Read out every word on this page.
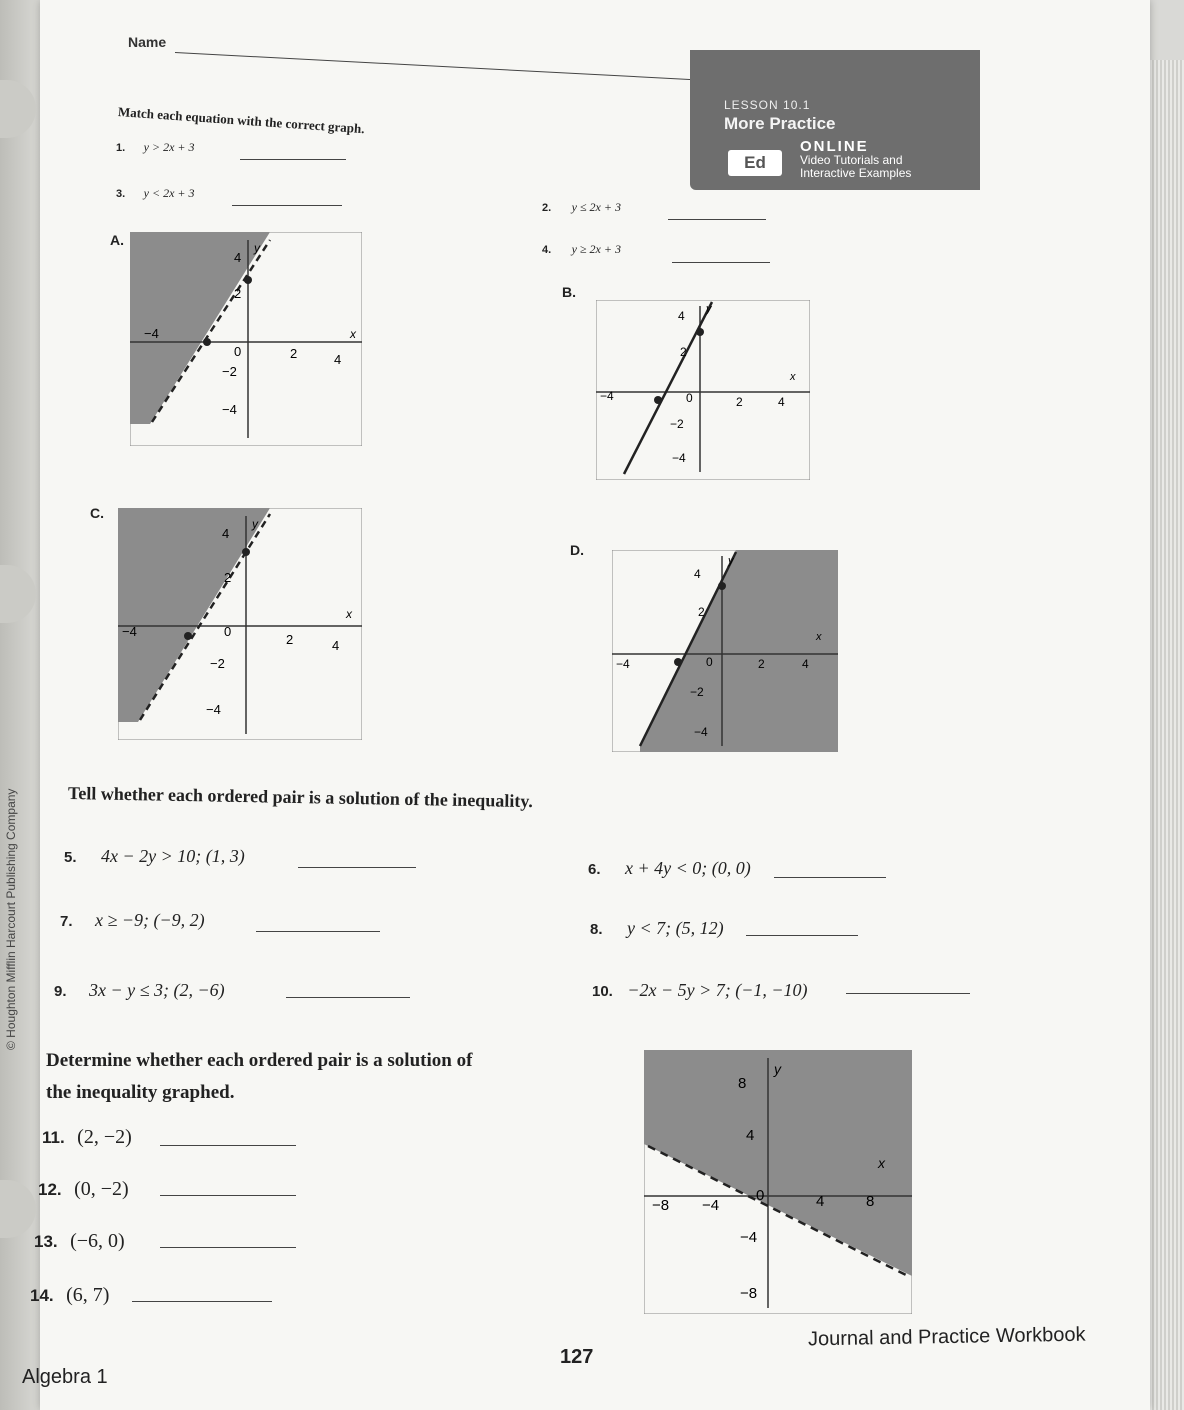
© Houghton Mifflin Harcourt Publishing Company
Name
LESSON 10.1
More Practice
Ed
ONLINE
Video Tutorials and
Interactive Examples
Match each equation with the correct graph.
1. y > 2x + 3
3. y < 2x + 3
2. y ≤ 2x + 3
4. y ≥ 2x + 3
A.
B.
C.
D.
4
2
−2
−4
−4
0	2	4
x
y
4
2
−2
−4
−4	0	2	4
x
y
4
2
−2
−4
−4	0
2	4
x
y
4
2
−2
−4
−4	0	2	4
x
y
Tell whether each ordered pair is a solution of the inequality.
5. 4x − 2y > 10; (1, 3)
6. x + 4y < 0; (0, 0)
7. x ≥ −9; (−9, 2)	8. y < 7; (5, 12)
9. 3x − y ≤ 3; (2, −6)	10. −2x − 5y > 7; (−1, −10)
Determine whether each ordered pair is a solution of
the inequality graphed.
11. (2, −2)
12. (0, −2)
13. (−6, 0)
14. (6, 7)
8
4
−4
−8
−8 −4
0	4	8
x
y
Algebra 1
127
Journal and Practice Workbook
